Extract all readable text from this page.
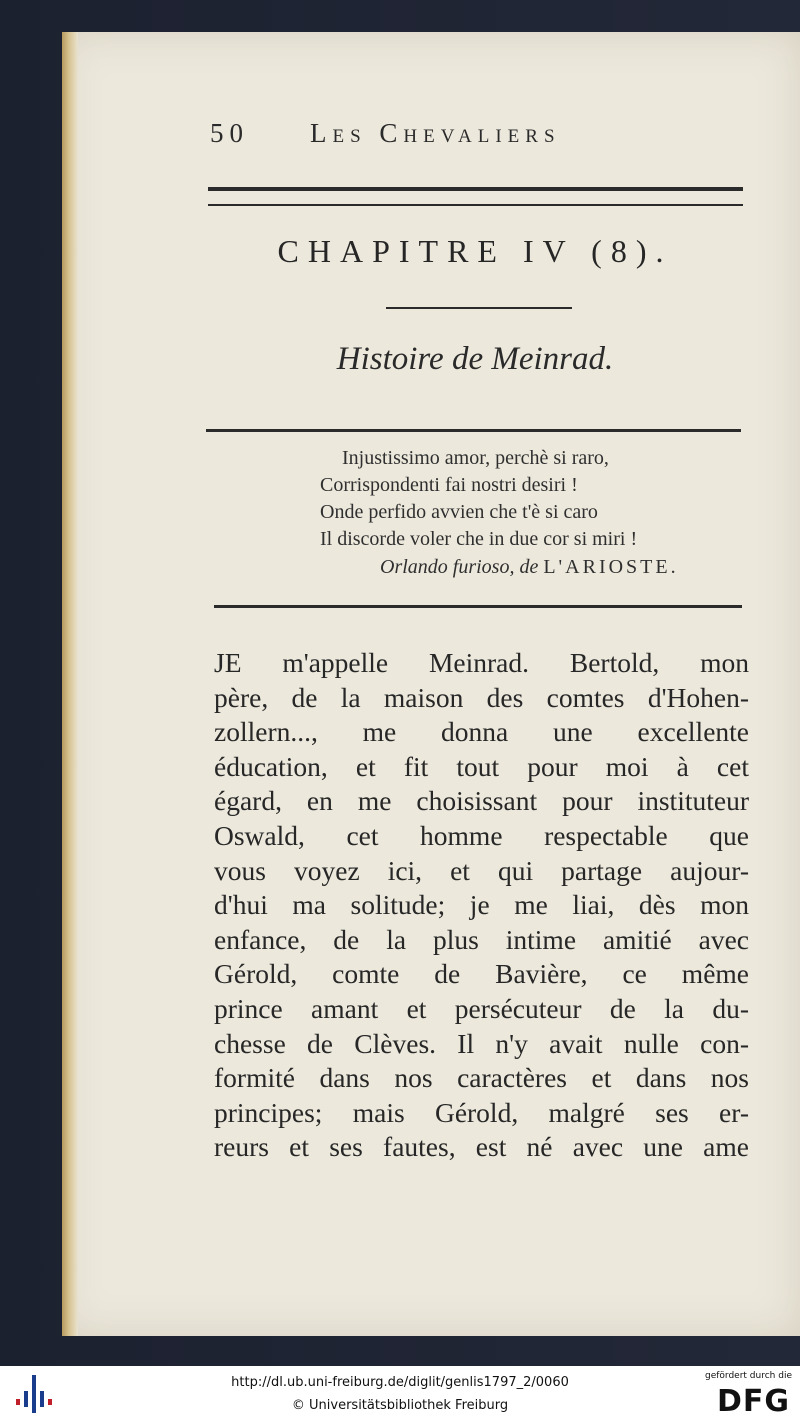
50 Les Chevaliers
CHAPITRE IV (8).
Histoire de Meinrad.
Injustissimo amor, perchè si raro,
Corrispondenti fai nostri desiri !
Onde perfido avvien che t'è si caro
Il discorde voler che in due cor si miri !
Orlando furioso, de L'ARIOSTE.
JE m'appelle Meinrad. Bertold, mon
père, de la maison des comtes d'Hohen-
zollern..., me donna une excellente
éducation, et fit tout pour moi à cet
égard, en me choisissant pour instituteur
Oswald, cet homme respectable que
vous voyez ici, et qui partage aujour-
d'hui ma solitude; je me liai, dès mon
enfance, de la plus intime amitié avec
Gérold, comte de Bavière, ce même
prince amant et persécuteur de la du-
chesse de Clèves. Il n'y avait nulle con-
formité dans nos caractères et dans nos
principes; mais Gérold, malgré ses er-
reurs et ses fautes, est né avec une ame
http://dl.ub.uni-freiburg.de/diglit/genlis1797_2/0060
© Universitätsbibliothek Freiburg
gefördert durch die
DFG
